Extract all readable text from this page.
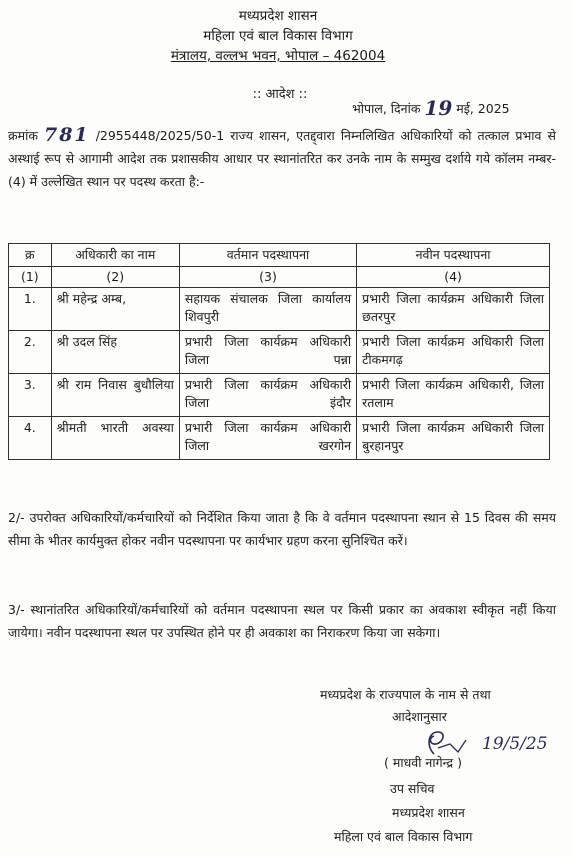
मध्यप्रदेश शासन
महिला एवं बाल विकास विभाग
मंत्रालय, वल्लभ भवन, भोपाल – 462004
:: आदेश ::
भोपाल, दिनांक 19 मई, 2025
क्रमांक 781 /2955448/2025/50-1 राज्य शासन, एतद्द्वारा निम्नलिखित अधिकारियों को तत्काल प्रभाव से अस्थाई रूप से आगामी आदेश तक प्रशासकीय आधार पर स्थानांतरित कर उनके नाम के सम्मुख दर्शाये गये कॉलम नम्बर-(4) में उल्लेखित स्थान पर पदस्थ करता है:-
क्र	अधिकारी का नाम	वर्तमान पदस्थापना	नवीन पदस्थापना
(1)	(2)	(3)	(4)
1.	श्री महेन्द्र अम्ब,	सहायक संचालक जिला कार्यालय शिवपुरी	प्रभारी जिला कार्यक्रम अधिकारी जिला छतरपुर
2.	श्री उदल सिंह	प्रभारी जिला कार्यक्रम अधिकारी जिला पन्ना	प्रभारी जिला कार्यक्रम अधिकारी जिला टीकमगढ़
3.	श्री राम निवास बुधौलिया	प्रभारी जिला कार्यक्रम अधिकारी जिला इंदौर	प्रभारी जिला कार्यक्रम अधिकारी, जिला रतलाम
4.	श्रीमती भारती अवस्या	प्रभारी जिला कार्यक्रम अधिकारी जिला खरगोन	प्रभारी जिला कार्यक्रम अधिकारी जिला बुरहानपुर
2/- उपरोक्त अधिकारियों/कर्मचारियों को निर्देशित किया जाता है कि वे वर्तमान पदस्थापना स्थान से 15 दिवस की समय सीमा के भीतर कार्यमुक्त होकर नवीन पदस्थापना पर कार्यभार ग्रहण करना सुनिश्चित करें।
3/- स्थानांतरित अधिकारियों/कर्मचारियों को वर्तमान पदस्थापना स्थल पर किसी प्रकार का अवकाश स्वीकृत नहीं किया जायेगा। नवीन पदस्थापना स्थल पर उपस्थित होने पर ही अवकाश का निराकरण किया जा सकेगा।
मध्यप्रदेश के राज्यपाल के नाम से तथा
आदेशानुसार
( माधवी नागेन्द्र )
19/5/25
उप सचिव
मध्यप्रदेश शासन
महिला एवं बाल विकास विभाग
